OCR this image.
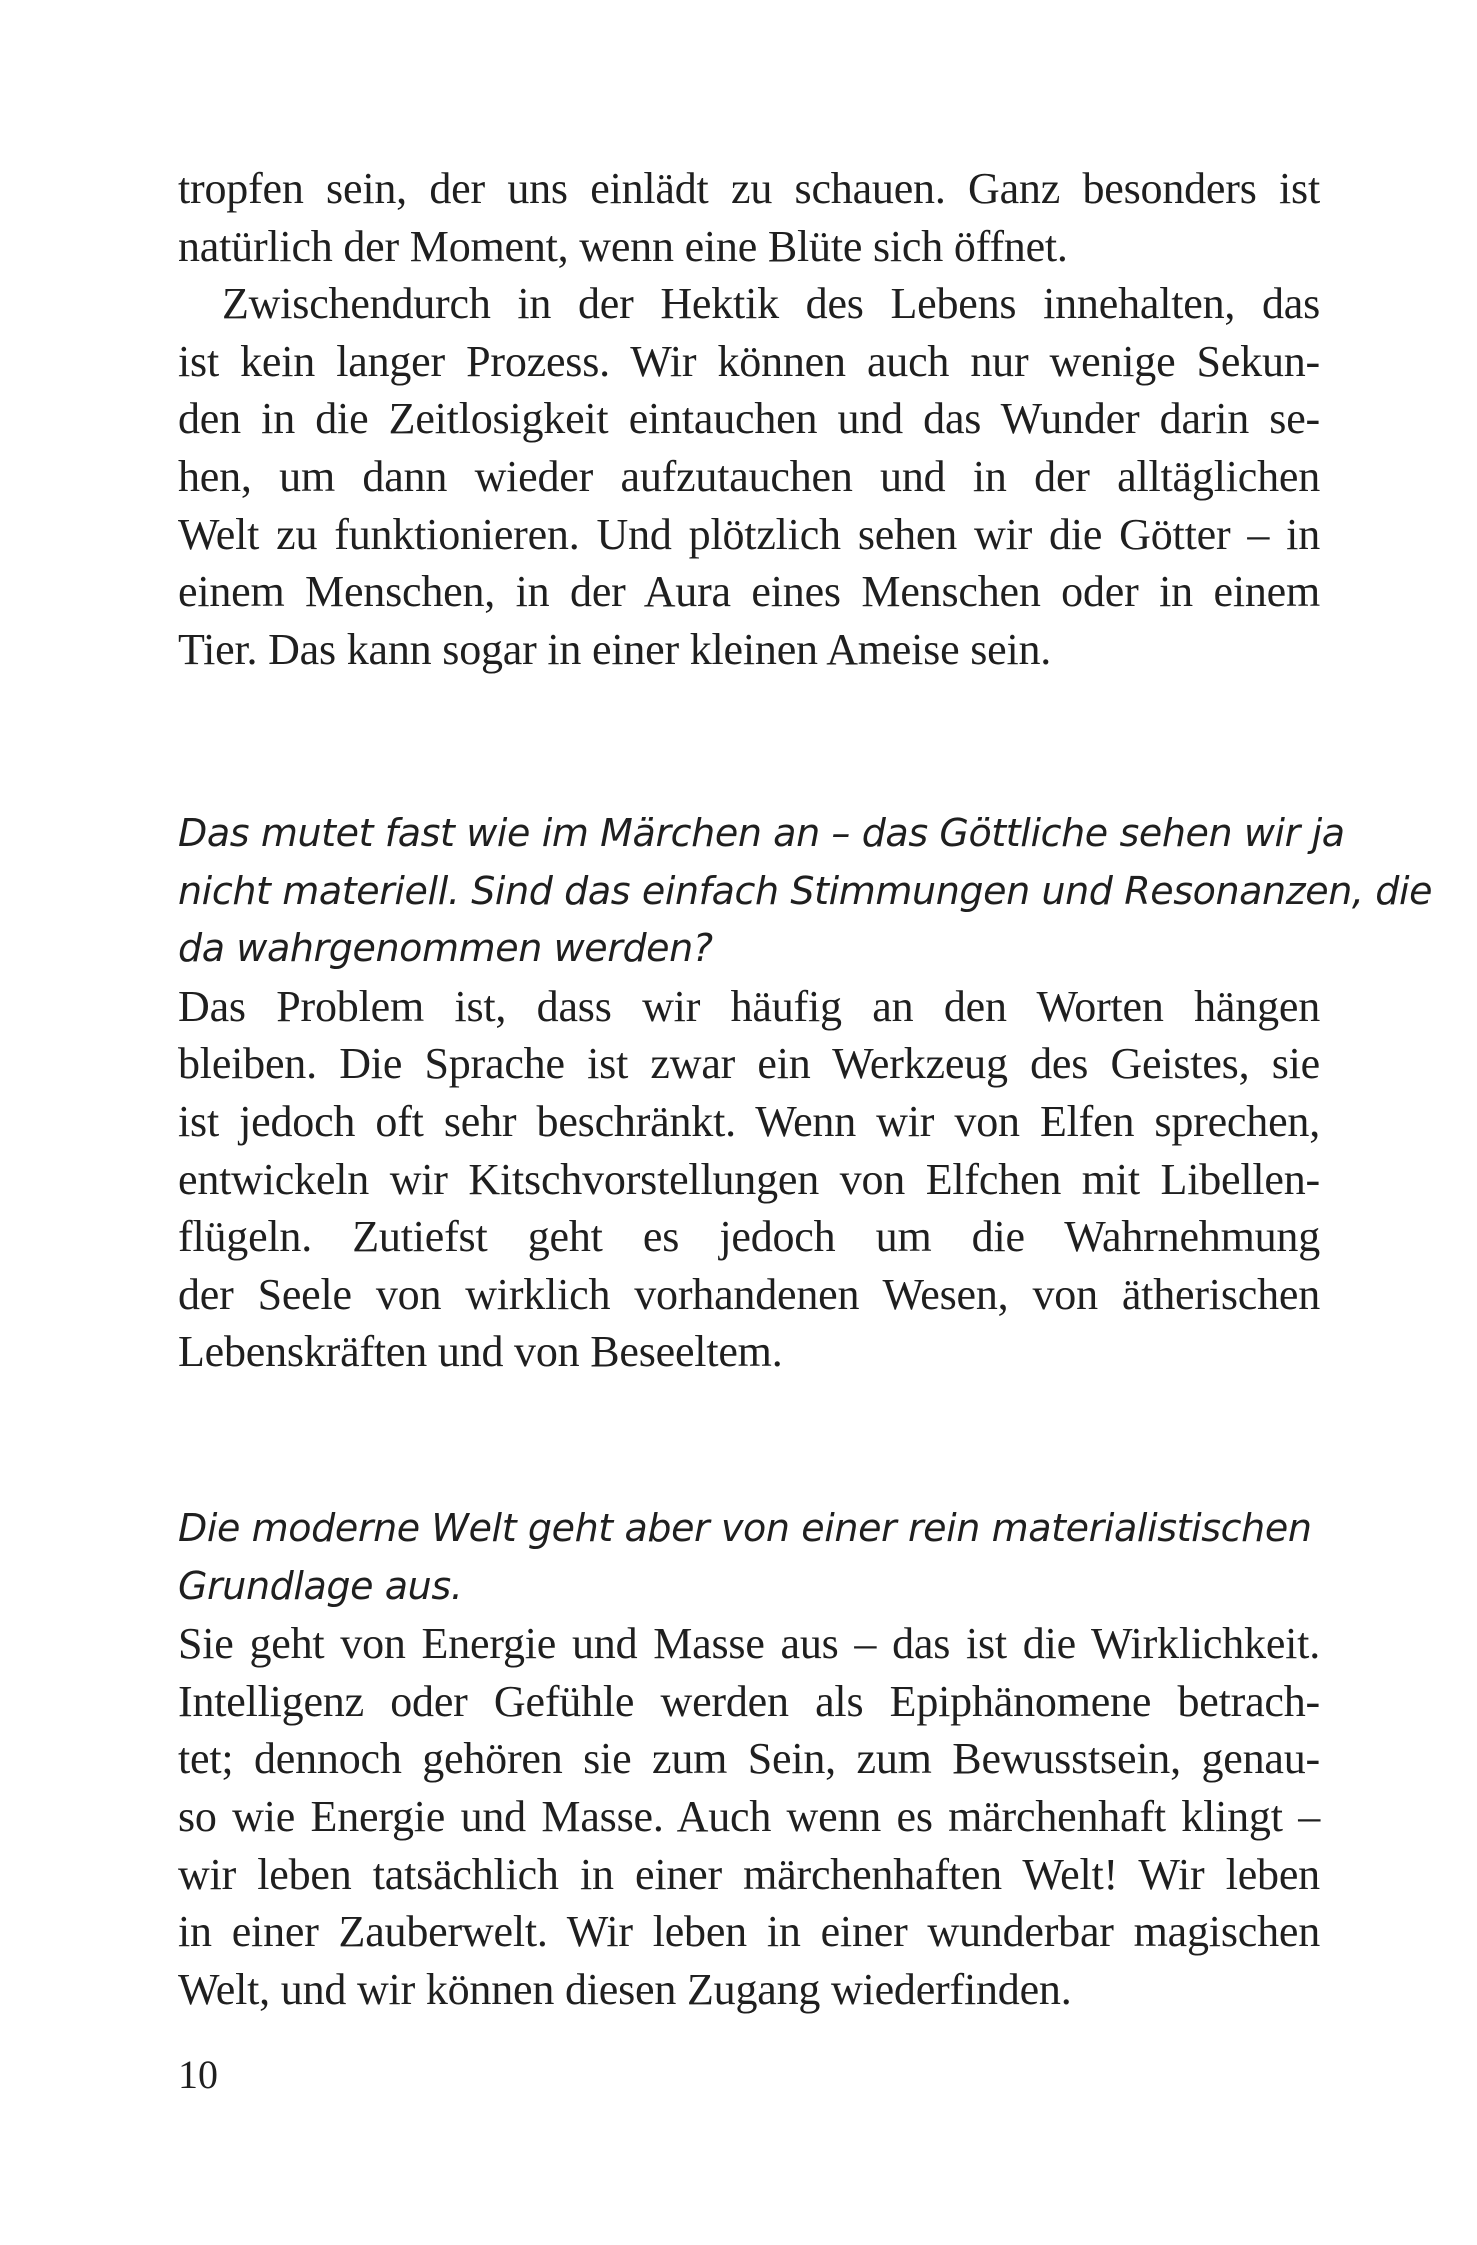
tropfen sein, der uns einlädt zu schauen. Ganz besonders ist
natürlich der Moment, wenn eine Blüte sich öffnet.

Zwischendurch in der Hektik des Lebens innehalten, das
ist kein langer Prozess. Wir können auch nur wenige Sekun-
den in die Zeitlosigkeit eintauchen und das Wunder darin se-
hen, um dann wieder aufzutauchen und in der alltäglichen
Welt zu funktionieren. Und plötzlich sehen wir die Götter – in
einem Menschen, in der Aura eines Menschen oder in einem
Tier. Das kann sogar in einer kleinen Ameise sein.

Das mutet fast wie im Märchen an – das Göttliche sehen wir ja
nicht materiell. Sind das einfach Stimmungen und Resonanzen, die
da wahrgenommen werden?

Das Problem ist, dass wir häufig an den Worten hängen
bleiben. Die Sprache ist zwar ein Werkzeug des Geistes, sie
ist jedoch oft sehr beschränkt. Wenn wir von Elfen sprechen,
entwickeln wir Kitschvorstellungen von Elfchen mit Libellen-
flügeln. Zutiefst geht es jedoch um die Wahrnehmung
der Seele von wirklich vorhandenen Wesen, von ätherischen
Lebenskräften und von Beseeltem.

Die moderne Welt geht aber von einer rein materialistischen
Grundlage aus.

Sie geht von Energie und Masse aus – das ist die Wirklichkeit.
Intelligenz oder Gefühle werden als Epiphänomene betrach-
tet; dennoch gehören sie zum Sein, zum Bewusstsein, genau-
so wie Energie und Masse. Auch wenn es märchenhaft klingt –
wir leben tatsächlich in einer märchenhaften Welt! Wir leben
in einer Zauberwelt. Wir leben in einer wunderbar magischen
Welt, und wir können diesen Zugang wiederfinden.

10
